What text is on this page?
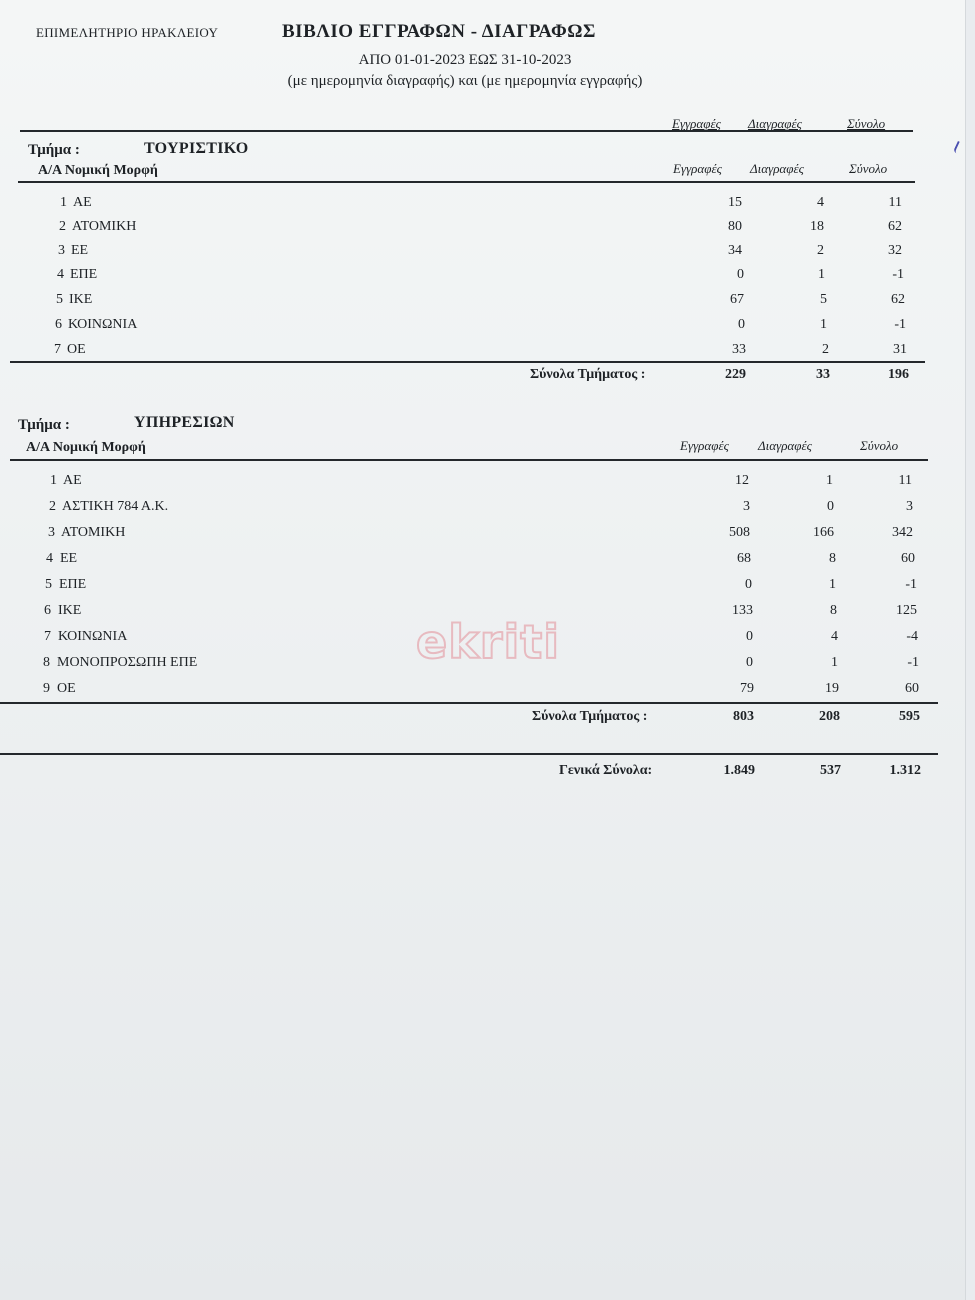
ΕΠΙΜΕΛΗΤΗΡΙΟ ΗΡΑΚΛΕΙΟΥ	ΒΙΒΛΙΟ ΕΓΓΡΑΦΩΝ - ΔΙΑΓΡΑΦΩΣ
ΑΠΟ 01-01-2023 ΕΩΣ 31-10-2023
(με ημερομηνία διαγραφής) και (με ημερομηνία εγγραφής)
Εγγραφές Διαγραφές	Σύνολο
Τμήμα :	ΤΟΥΡΙΣΤΙΚΟ
Α/Α Νομική Μορφή	Εγγραφές Διαγραφές	Σύνολο
1 ΑΕ	15	4	11
2 ΑΤΟΜΙΚΗ	80	18	62
3 ΕΕ	34	2	32
4 ΕΠΕ	0	1	-1
5 ΙΚΕ	67	5	62
6 ΚΟΙΝΩΝΙΑ	0	1	-1
7 ΟΕ	33	2	31
Σύνολα Τμήματος :	229	33	196
Τμήμα :	ΥΠΗΡΕΣΙΩΝ
Α/Α Νομική Μορφή	Εγγραφές Διαγραφές	Σύνολο
1 ΑΕ	12	1	11
2 ΑΣΤΙΚΗ 784 Α.Κ.	3	0	3
3 ΑΤΟΜΙΚΗ	508	166	342
4 ΕΕ	68	8	60
5 ΕΠΕ	0	1	-1
6 ΙΚΕ	133	8	125
7 ΚΟΙΝΩΝΙΑ	0	4	-4
8 ΜΟΝΟΠΡΟΣΩΠΗ ΕΠΕ	0	1	-1
9 ΟΕ	79	19	60
Σύνολα Τμήματος :	803	208	595
Γενικά Σύνολα:	1.849	537	1.312
ekriti
